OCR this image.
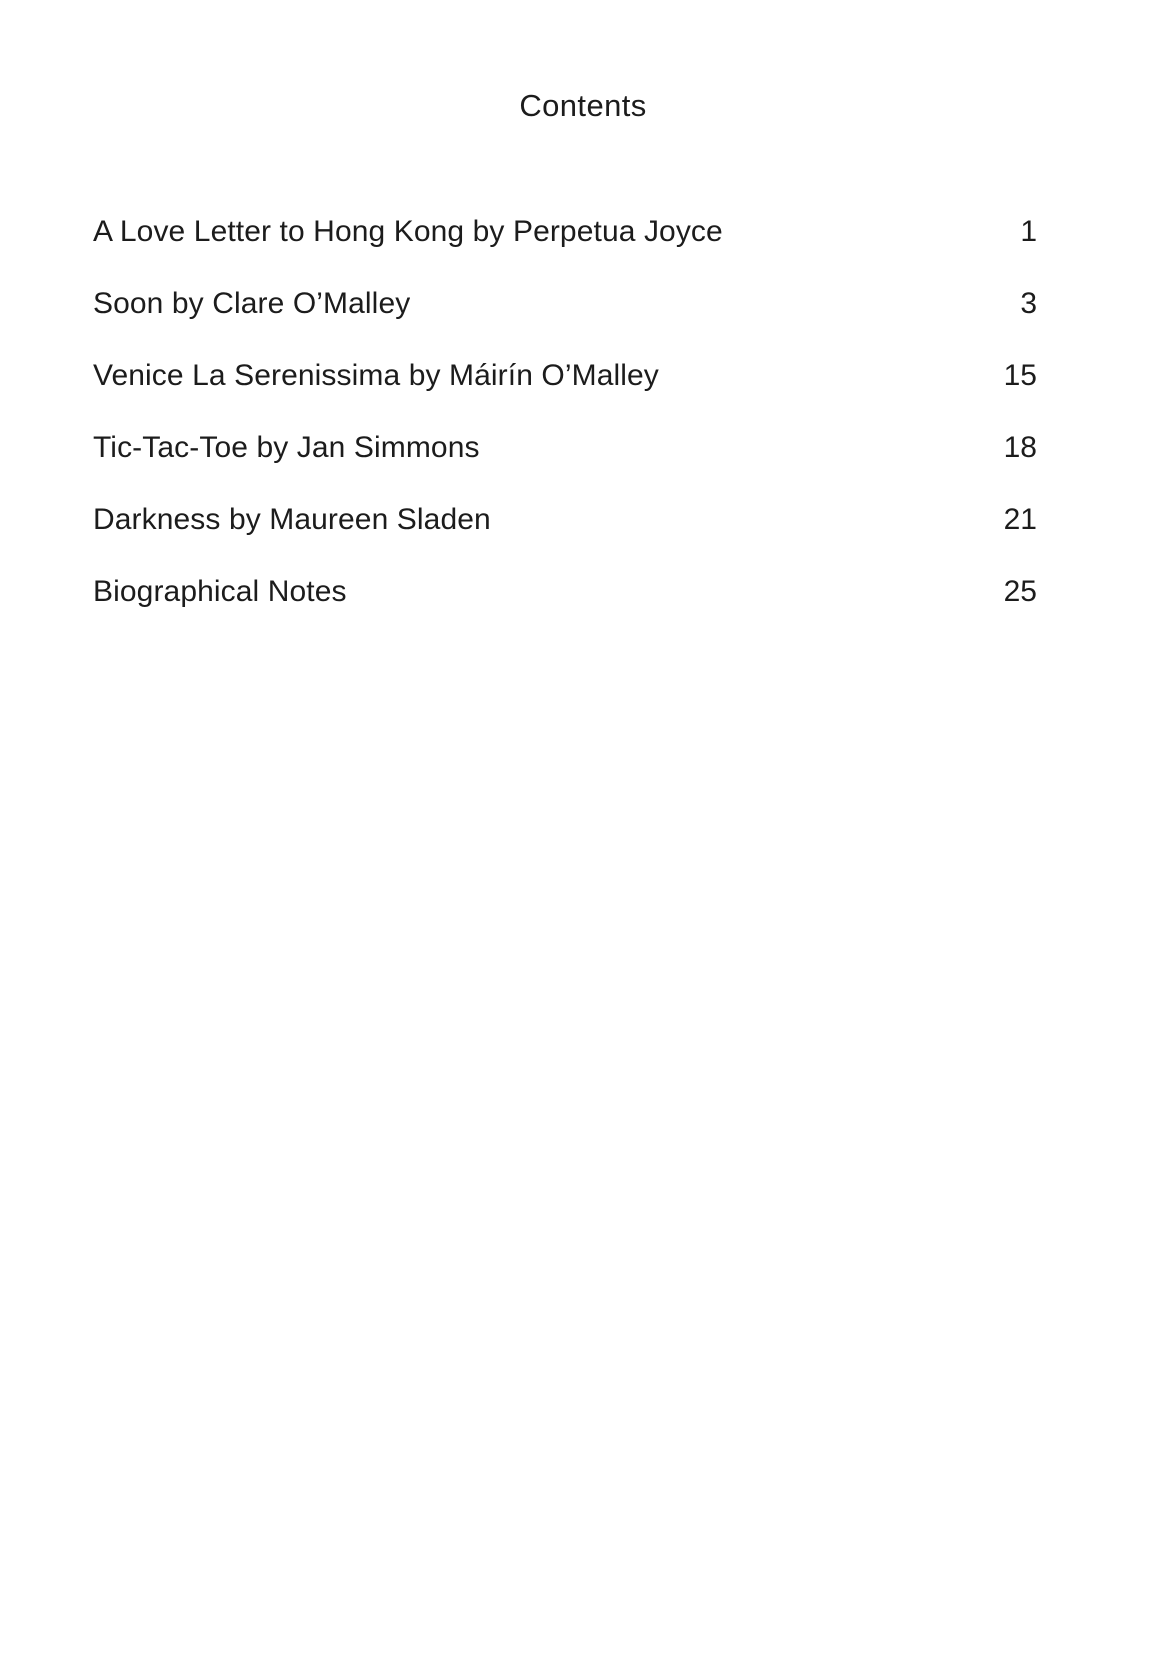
Contents
A Love Letter to Hong Kong by Perpetua Joyce	1
Soon by Clare O’Malley	3
Venice La Serenissima by Máirín O’Malley	15
Tic-Tac-Toe by Jan Simmons	18
Darkness by Maureen Sladen	21
Biographical Notes	25
